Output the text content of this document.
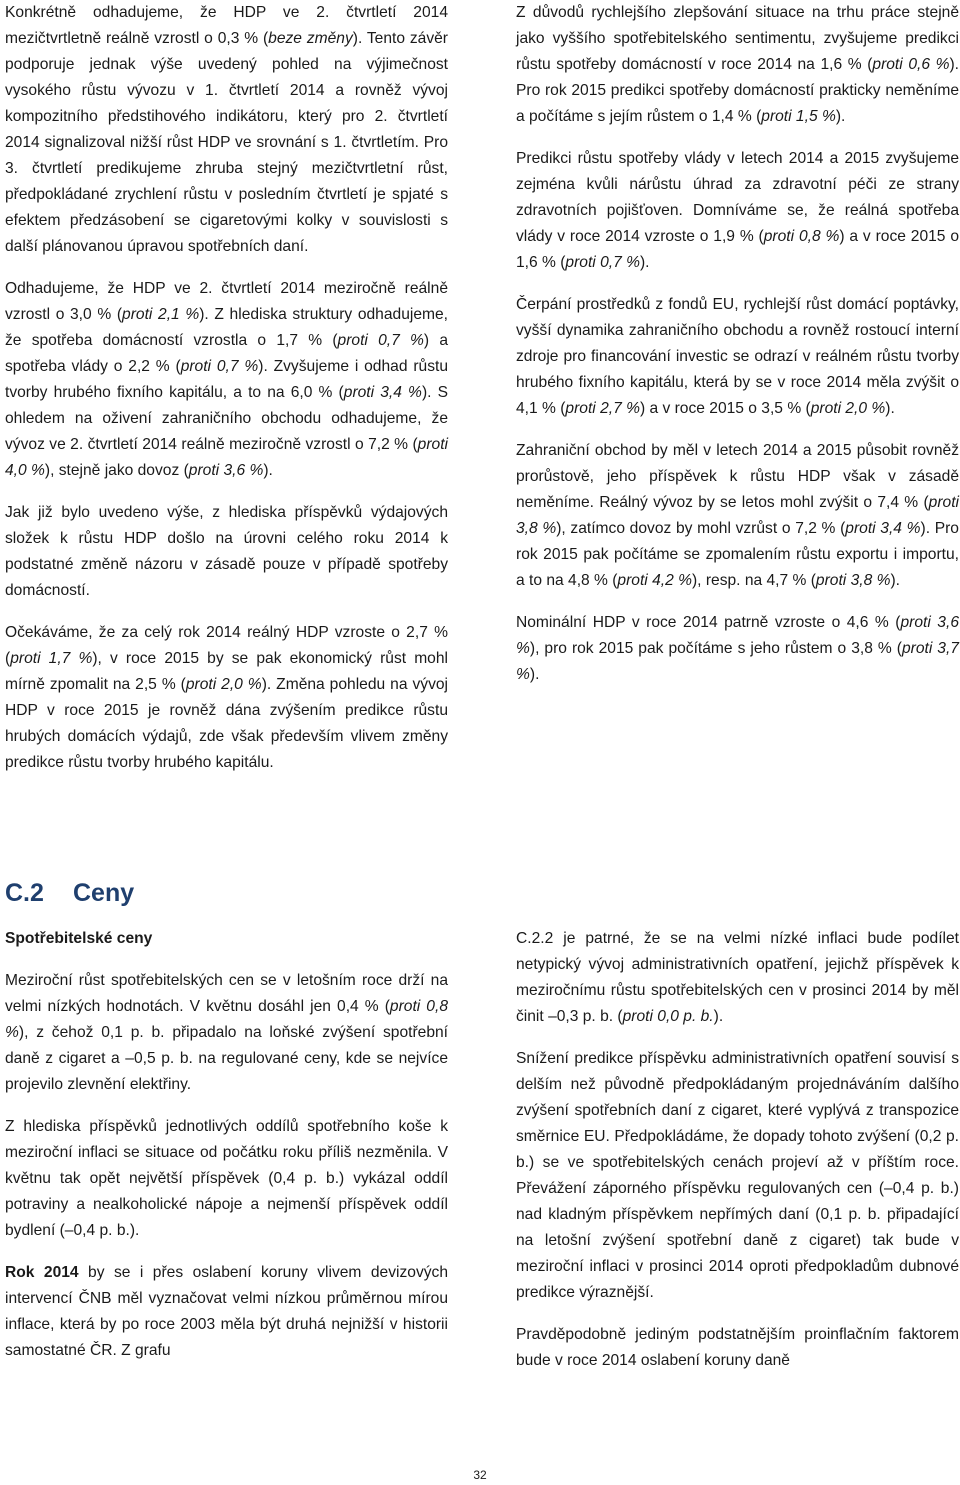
Konkrétně odhadujeme, že HDP ve 2. čtvrtletí 2014 mezičtvrtletně reálně vzrostl o 0,3 % (beze změny). Tento závěr podporuje jednak výše uvedený pohled na výjimečnost vysokého růstu vývozu v 1. čtvrtletí 2014 a rovněž vývoj kompozitního předstihového indikátoru, který pro 2. čtvrtletí 2014 signalizoval nižší růst HDP ve srovnání s 1. čtvrtletím. Pro 3. čtvrtletí predikujeme zhruba stejný mezičtvrtletní růst, předpokládané zrychlení růstu v posledním čtvrtletí je spjaté s efektem předzásobení se cigaretovými kolky v souvislosti s další plánovanou úpravou spotřebních daní.

Odhadujeme, že HDP ve 2. čtvrtletí 2014 meziročně reálně vzrostl o 3,0 % (proti 2,1 %). Z hlediska struktury odhadujeme, že spotřeba domácností vzrostla o 1,7 % (proti 0,7 %) a spotřeba vlády o 2,2 % (proti 0,7 %). Zvyšujeme i odhad růstu tvorby hrubého fixního kapitálu, a to na 6,0 % (proti 3,4 %). S ohledem na oživení zahraničního obchodu odhadujeme, že vývoz ve 2. čtvrtletí 2014 reálně meziročně vzrostl o 7,2 % (proti 4,0 %), stejně jako dovoz (proti 3,6 %).

Jak již bylo uvedeno výše, z hlediska příspěvků výdajových složek k růstu HDP došlo na úrovni celého roku 2014 k podstatné změně názoru v zásadě pouze v případě spotřeby domácností.

Očekáváme, že za celý rok 2014 reálný HDP vzroste o 2,7 % (proti 1,7 %), v roce 2015 by se pak ekonomický růst mohl mírně zpomalit na 2,5 % (proti 2,0 %). Změna pohledu na vývoj HDP v roce 2015 je rovněž dána zvýšením predikce růstu hrubých domácích výdajů, zde však především vlivem změny predikce růstu tvorby hrubého kapitálu.

Z důvodů rychlejšího zlepšování situace na trhu práce stejně jako vyššího spotřebitelského sentimentu, zvyšujeme predikci růstu spotřeby domácností v roce 2014 na 1,6 % (proti 0,6 %). Pro rok 2015 predikci spotřeby domácností prakticky neměníme a počítáme s jejím růstem o 1,4 % (proti 1,5 %).

Predikci růstu spotřeby vlády v letech 2014 a 2015 zvyšujeme zejména kvůli nárůstu úhrad za zdravotní péči ze strany zdravotních pojišťoven. Domníváme se, že reálná spotřeba vlády v roce 2014 vzroste o 1,9 % (proti 0,8 %) a v roce 2015 o 1,6 % (proti 0,7 %).

Čerpání prostředků z fondů EU, rychlejší růst domácí poptávky, vyšší dynamika zahraničního obchodu a rovněž rostoucí interní zdroje pro financování investic se odrazí v reálném růstu tvorby hrubého fixního kapitálu, která by se v roce 2014 měla zvýšit o 4,1 % (proti 2,7 %) a v roce 2015 o 3,5 % (proti 2,0 %).

Zahraniční obchod by měl v letech 2014 a 2015 působit rovněž prorůstově, jeho příspěvek k růstu HDP však v zásadě neměníme. Reálný vývoz by se letos mohl zvýšit o 7,4 % (proti 3,8 %), zatímco dovoz by mohl vzrůst o 7,2 % (proti 3,4 %). Pro rok 2015 pak počítáme se zpomalením růstu exportu i importu, a to na 4,8 % (proti 4,2 %), resp. na 4,7 % (proti 3,8 %).

Nominální HDP v roce 2014 patrně vzroste o 4,6 % (proti 3,6 %), pro rok 2015 pak počítáme s jeho růstem o 3,8 % (proti 3,7 %).

C.2 Ceny

Spotřebitelské ceny

Meziroční růst spotřebitelských cen se v letošním roce drží na velmi nízkých hodnotách. V květnu dosáhl jen 0,4 % (proti 0,8 %), z čehož 0,1 p. b. připadalo na loňské zvýšení spotřební daně z cigaret a –0,5 p. b. na regulované ceny, kde se nejvíce projevilo zlevnění elektřiny.

Z hlediska příspěvků jednotlivých oddílů spotřebního koše k meziroční inflaci se situace od počátku roku příliš nezměnila. V květnu tak opět největší příspěvek (0,4 p. b.) vykázal oddíl potraviny a nealkoholické nápoje a nejmenší příspěvek oddíl bydlení (–0,4 p. b.).

Rok 2014 by se i přes oslabení koruny vlivem devizových intervencí ČNB měl vyznačovat velmi nízkou průměrnou mírou inflace, která by po roce 2003 měla být druhá nejnižší v historii samostatné ČR. Z grafu

C.2.2 je patrné, že se na velmi nízké inflaci bude podílet netypický vývoj administrativních opatření, jejichž příspěvek k meziročnímu růstu spotřebitelských cen v prosinci 2014 by měl činit –0,3 p. b. (proti 0,0 p. b.).

Snížení predikce příspěvku administrativních opatření souvisí s delším než původně předpokládaným projednáváním dalšího zvýšení spotřebních daní z cigaret, které vyplývá z transpozice směrnice EU. Předpokládáme, že dopady tohoto zvýšení (0,2 p. b.) se ve spotřebitelských cenách projeví až v příštím roce. Převážení záporného příspěvku regulovaných cen (–0,4 p. b.) nad kladným příspěvkem nepřímých daní (0,1 p. b. připadající na letošní zvýšení spotřební daně z cigaret) tak bude v meziroční inflaci v prosinci 2014 oproti předpokladům dubnové predikce výraznější.

Pravděpodobně jediným podstatnějším proinflačním faktorem bude v roce 2014 oslabení koruny daně

32
